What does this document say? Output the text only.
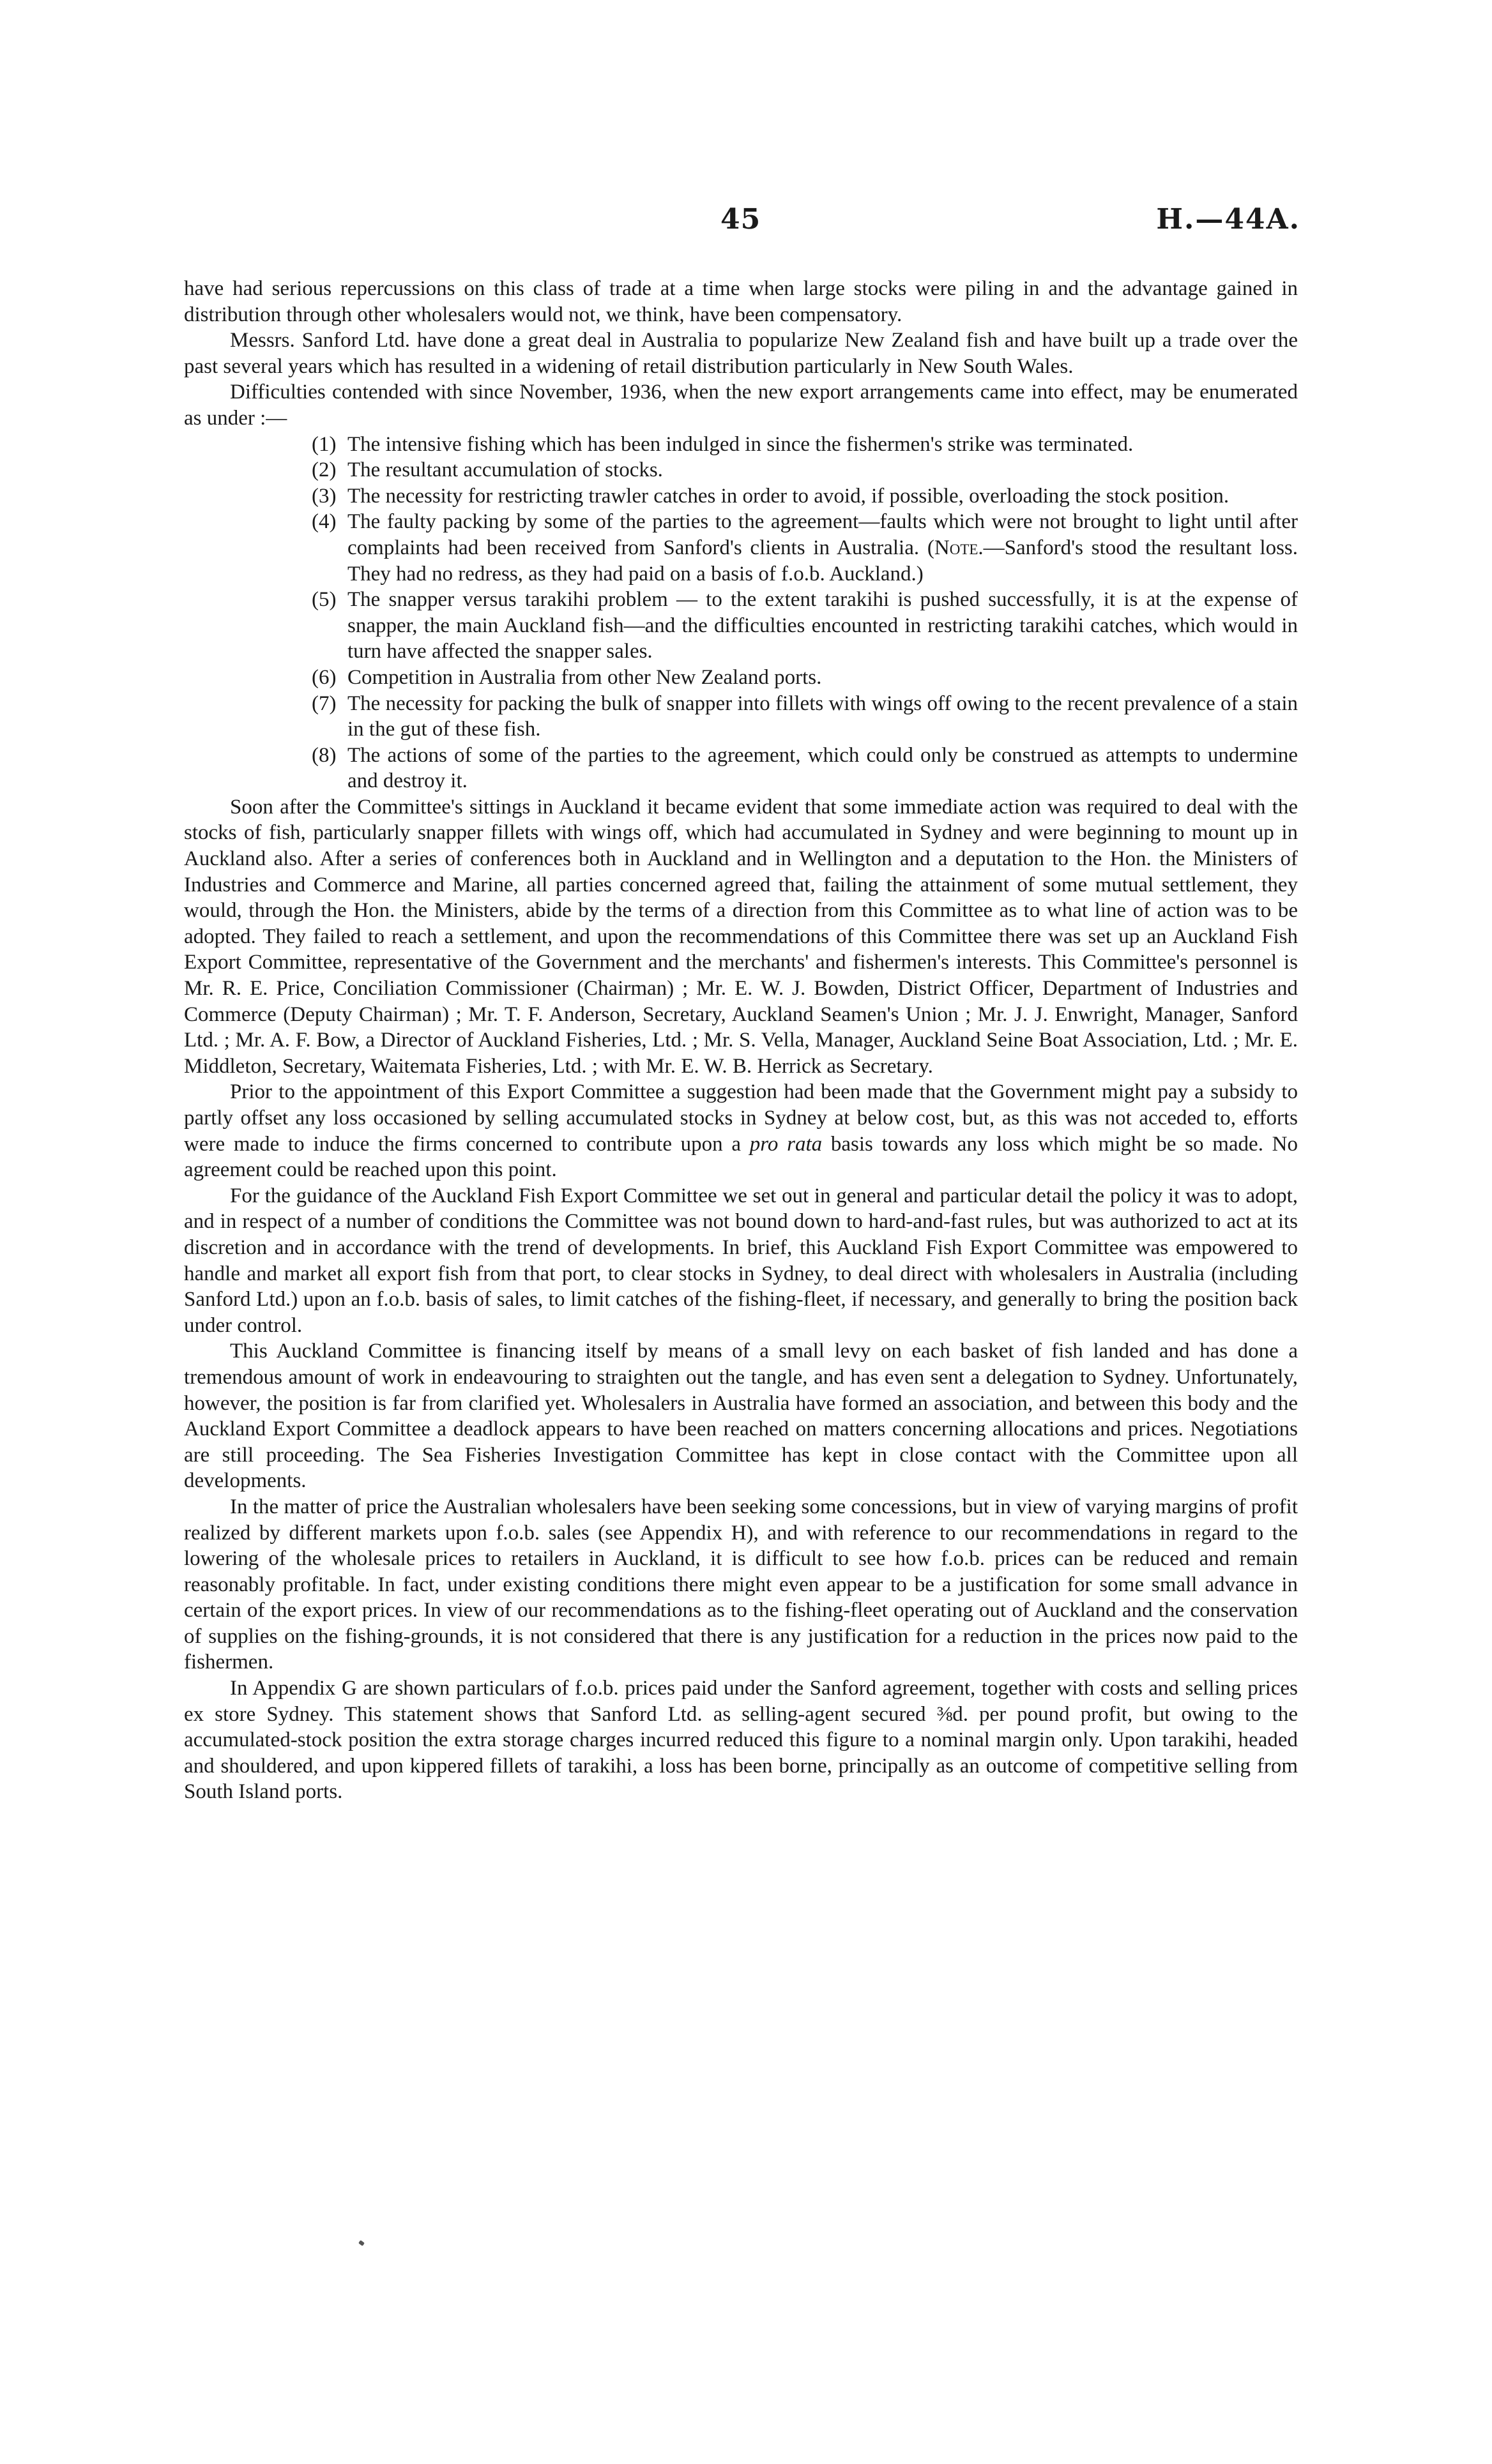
45	H.—44A.

have had serious repercussions on this class of trade at a time when large stocks were piling in and the advantage gained in distribution through other wholesalers would not, we think, have been compensatory.

Messrs. Sanford Ltd. have done a great deal in Australia to popularize New Zealand fish and have built up a trade over the past several years which has resulted in a widening of retail distribution particularly in New South Wales.

Difficulties contended with since November, 1936, when the new export arrangements came into effect, may be enumerated as under :—

(1) The intensive fishing which has been indulged in since the fishermen's strike was terminated.
(2) The resultant accumulation of stocks.
(3) The necessity for restricting trawler catches in order to avoid, if possible, overloading the stock position.
(4) The faulty packing by some of the parties to the agreement—faults which were not brought to light until after complaints had been received from Sanford's clients in Australia. (Note.—Sanford's stood the resultant loss. They had no redress, as they had paid on a basis of f.o.b. Auckland.)
(5) The snapper versus tarakihi problem — to the extent tarakihi is pushed successfully, it is at the expense of snapper, the main Auckland fish—and the difficulties encounted in restricting tarakihi catches, which would in turn have affected the snapper sales.
(6) Competition in Australia from other New Zealand ports.
(7) The necessity for packing the bulk of snapper into fillets with wings off owing to the recent prevalence of a stain in the gut of these fish.
(8) The actions of some of the parties to the agreement, which could only be construed as attempts to undermine and destroy it.

Soon after the Committee's sittings in Auckland it became evident that some immediate action was required to deal with the stocks of fish, particularly snapper fillets with wings off, which had accumulated in Sydney and were beginning to mount up in Auckland also. After a series of conferences both in Auckland and in Wellington and a deputation to the Hon. the Ministers of Industries and Commerce and Marine, all parties concerned agreed that, failing the attainment of some mutual settlement, they would, through the Hon. the Ministers, abide by the terms of a direction from this Committee as to what line of action was to be adopted. They failed to reach a settlement, and upon the recommendations of this Committee there was set up an Auckland Fish Export Committee, representative of the Government and the merchants' and fishermen's interests. This Committee's personnel is Mr. R. E. Price, Conciliation Commissioner (Chairman) ; Mr. E. W. J. Bowden, District Officer, Department of Industries and Commerce (Deputy Chairman) ; Mr. T. F. Anderson, Secretary, Auckland Seamen's Union ; Mr. J. J. Enwright, Manager, Sanford Ltd. ; Mr. A. F. Bow, a Director of Auckland Fisheries, Ltd. ; Mr. S. Vella, Manager, Auckland Seine Boat Association, Ltd. ; Mr. E. Middleton, Secretary, Waitemata Fisheries, Ltd. ; with Mr. E. W. B. Herrick as Secretary.

Prior to the appointment of this Export Committee a suggestion had been made that the Government might pay a subsidy to partly offset any loss occasioned by selling accumulated stocks in Sydney at below cost, but, as this was not acceded to, efforts were made to induce the firms concerned to contribute upon a pro rata basis towards any loss which might be so made. No agreement could be reached upon this point.

For the guidance of the Auckland Fish Export Committee we set out in general and particular detail the policy it was to adopt, and in respect of a number of conditions the Committee was not bound down to hard-and-fast rules, but was authorized to act at its discretion and in accordance with the trend of developments. In brief, this Auckland Fish Export Committee was empowered to handle and market all export fish from that port, to clear stocks in Sydney, to deal direct with wholesalers in Australia (including Sanford Ltd.) upon an f.o.b. basis of sales, to limit catches of the fishing-fleet, if necessary, and generally to bring the position back under control.

This Auckland Committee is financing itself by means of a small levy on each basket of fish landed and has done a tremendous amount of work in endeavouring to straighten out the tangle, and has even sent a delegation to Sydney. Unfortunately, however, the position is far from clarified yet. Wholesalers in Australia have formed an association, and between this body and the Auckland Export Committee a deadlock appears to have been reached on matters concerning allocations and prices. Negotiations are still proceeding. The Sea Fisheries Investigation Committee has kept in close contact with the Committee upon all developments.

In the matter of price the Australian wholesalers have been seeking some concessions, but in view of varying margins of profit realized by different markets upon f.o.b. sales (see Appendix H), and with reference to our recommendations in regard to the lowering of the wholesale prices to retailers in Auckland, it is difficult to see how f.o.b. prices can be reduced and remain reasonably profitable. In fact, under existing conditions there might even appear to be a justification for some small advance in certain of the export prices. In view of our recommendations as to the fishing-fleet operating out of Auckland and the conservation of supplies on the fishing-grounds, it is not considered that there is any justification for a reduction in the prices now paid to the fishermen.

In Appendix G are shown particulars of f.o.b. prices paid under the Sanford agreement, together with costs and selling prices ex store Sydney. This statement shows that Sanford Ltd. as selling-agent secured ⅜d. per pound profit, but owing to the accumulated-stock position the extra storage charges incurred reduced this figure to a nominal margin only. Upon tarakihi, headed and shouldered, and upon kippered fillets of tarakihi, a loss has been borne, principally as an outcome of competitive selling from South Island ports.
